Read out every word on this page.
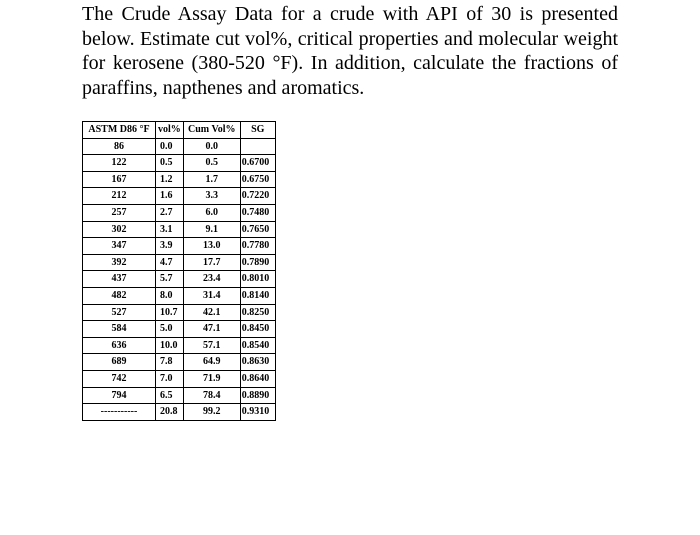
The Crude Assay Data for a crude with API of 30 is presented below. Estimate cut vol%, critical properties and molecular weight for kerosene (380-520 °F). In addition, calculate the fractions of paraffins, napthenes and aromatics.

ASTM D86 °F	vol%	Cum Vol%	SG
86	0.0	0.0	
122	0.5	0.5	0.6700
167	1.2	1.7	0.6750
212	1.6	3.3	0.7220
257	2.7	6.0	0.7480
302	3.1	9.1	0.7650
347	3.9	13.0	0.7780
392	4.7	17.7	0.7890
437	5.7	23.4	0.8010
482	8.0	31.4	0.8140
527	10.7	42.1	0.8250
584	5.0	47.1	0.8450
636	10.0	57.1	0.8540
689	7.8	64.9	0.8630
742	7.0	71.9	0.8640
794	6.5	78.4	0.8890
-----------	20.8	99.2	0.9310
